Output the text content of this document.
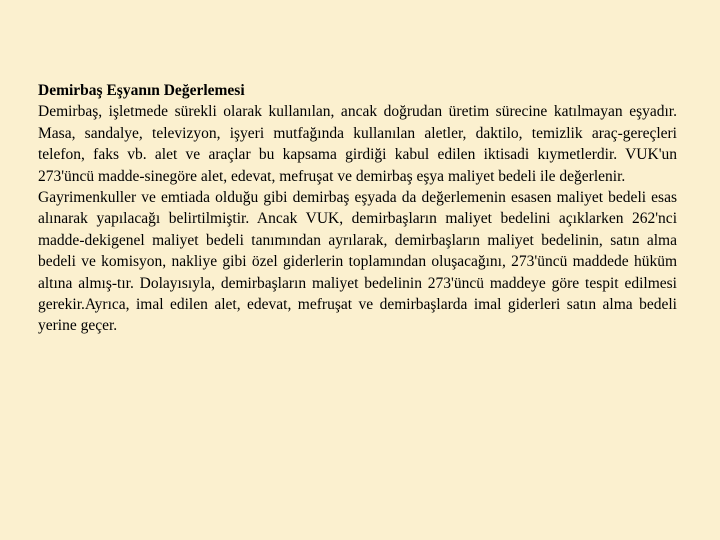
Demirbaş Eşyanın Değerlemesi

Demirbaş, işletmede sürekli olarak kullanılan, ancak doğrudan üretim sürecine katılmayan eşyadır. Masa, sandalye, televizyon, işyeri mutfağında kullanılan aletler, daktilo, temizlik araç-gereçleri telefon, faks vb. alet ve araçlar bu kapsama girdiği kabul edilen iktisadi kıymetlerdir. VUK'un 273'üncü madde-sinegöre alet, edevat, mefruşat ve demirbaş eşya maliyet bedeli ile değerlenir.

Gayrimenkuller ve emtiada olduğu gibi demirbaş eşyada da değerlemenin esasen maliyet bedeli esas alınarak yapılacağı belirtilmiştir. Ancak VUK, demirbaşların maliyet bedelini açıklarken 262'nci madde-dekigenel maliyet bedeli tanımından ayrılarak, demirbaşların maliyet bedelinin, satın alma bedeli ve komisyon, nakliye gibi özel giderlerin toplamından oluşacağını, 273'üncü maddede hüküm altına almış-tır. Dolayısıyla, demirbaşların maliyet bedelinin 273'üncü maddeye göre tespit edilmesi gerekir.Ayrıca, imal edilen alet, edevat, mefruşat ve demirbaşlarda imal giderleri satın alma bedeli yerine geçer.
